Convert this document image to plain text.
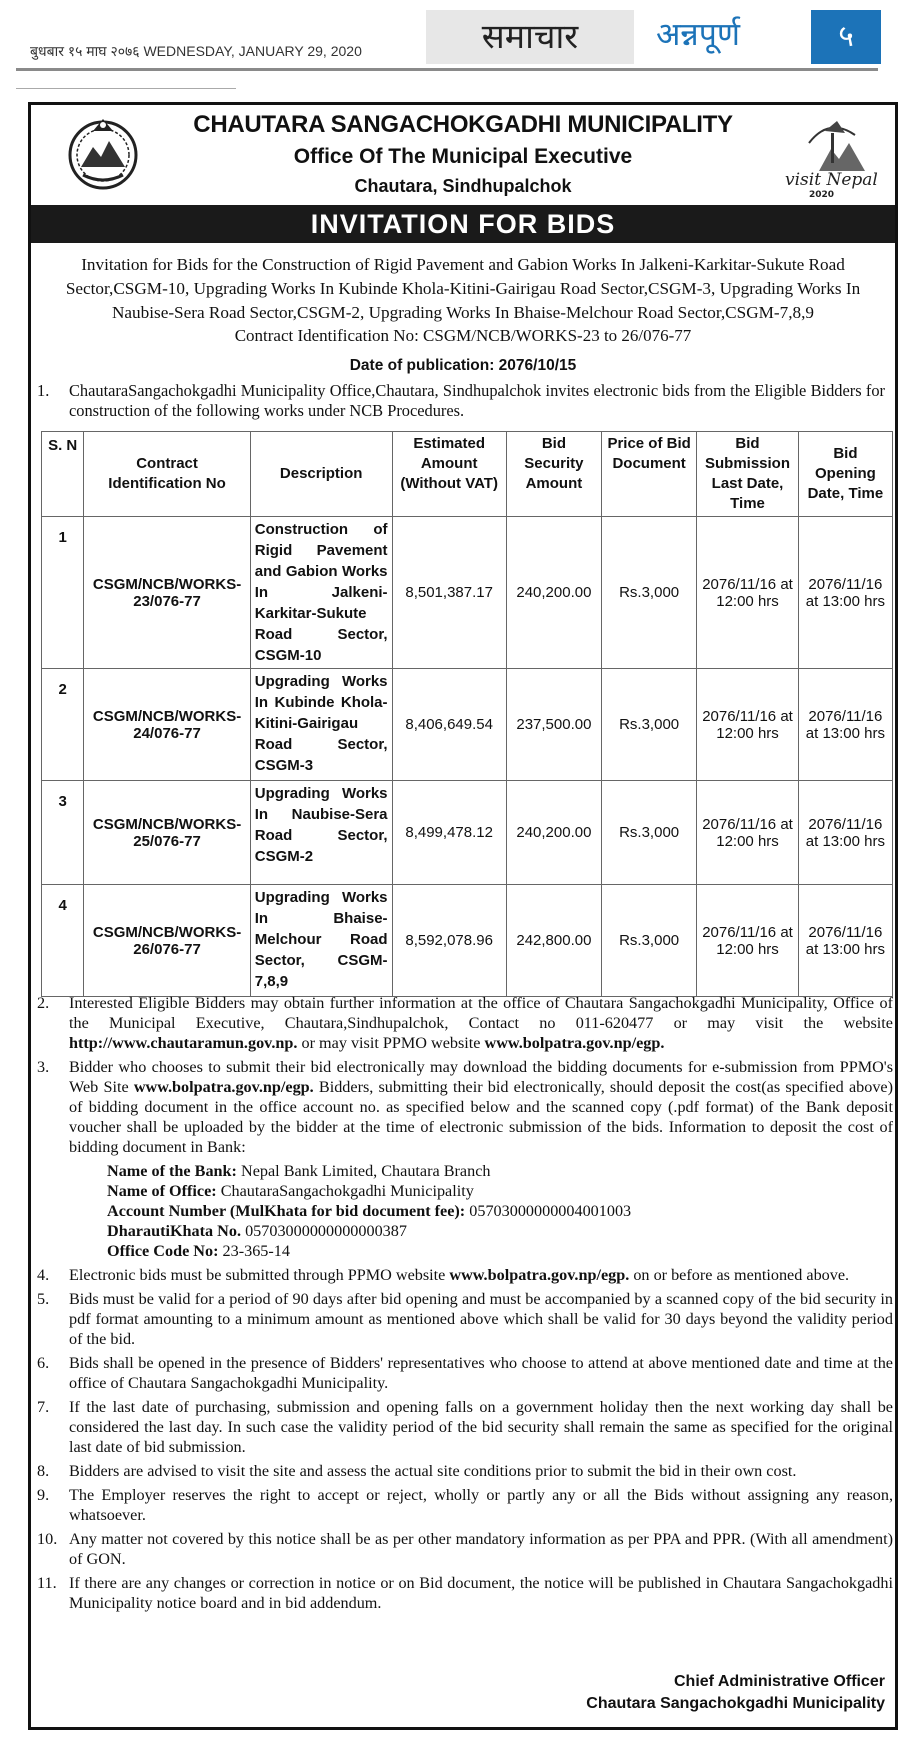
बुधबार १५ माघ २०७६ WEDNESDAY, JANUARY 29, 2020	समाचार	अन्नपूर्ण	५
CHAUTARA SANGACHOKGADHI MUNICIPALITY
Office Of The Municipal Executive
Chautara, Sindhupalchok	visit Nepal
2020
INVITATION FOR BIDS
Invitation for Bids for the Construction of Rigid Pavement and Gabion Works In Jalkeni-Karkitar-Sukute Road Sector,CSGM-10, Upgrading Works In Kubinde Khola-Kitini-Gairigau Road Sector,CSGM-3, Upgrading Works In Naubise-Sera Road Sector,CSGM-2, Upgrading Works In Bhaise-Melchour Road Sector,CSGM-7,8,9
Contract Identification No: CSGM/NCB/WORKS-23 to 26/076-77
Date of publication: 2076/10/15
1.	ChautaraSangachokgadhi Municipality Office,Chautara, Sindhupalchok invites electronic bids from the Eligible Bidders for construction of the following works under NCB Procedures.
S. N	Contract Identification No	Description	Estimated Amount (Without VAT)	Bid Security Amount	Price of Bid Document	Bid Submission Last Date, Time	Bid Opening Date, Time
1	CSGM/NCB/WORKS-23/076-77	Construction of Rigid Pavement and Gabion Works In Jalkeni-Karkitar-Sukute Road Sector, CSGM-10	8,501,387.17	240,200.00	Rs.3,000	2076/11/16 at 12:00 hrs	2076/11/16 at 13:00 hrs
2	CSGM/NCB/WORKS-24/076-77	Upgrading Works In Kubinde Khola-Kitini-Gairigau Road Sector, CSGM-3	8,406,649.54	237,500.00	Rs.3,000	2076/11/16 at 12:00 hrs	2076/11/16 at 13:00 hrs
3	CSGM/NCB/WORKS-25/076-77	Upgrading Works In Naubise-Sera Road Sector, CSGM-2	8,499,478.12	240,200.00	Rs.3,000	2076/11/16 at 12:00 hrs	2076/11/16 at 13:00 hrs
4	CSGM/NCB/WORKS-26/076-77	Upgrading Works In Bhaise-Melchour Road Sector, CSGM-7,8,9	8,592,078.96	242,800.00	Rs.3,000	2076/11/16 at 12:00 hrs	2076/11/16 at 13:00 hrs
2.	Interested Eligible Bidders may obtain further information at the office of Chautara Sangachokgadhi Municipality, Office of the Municipal Executive, Chautara,Sindhupalchok, Contact no 011-620477 or may visit the website http://www.chautaramun.gov.np. or may visit PPMO website www.bolpatra.gov.np/egp.
3.	Bidder who chooses to submit their bid electronically may download the bidding documents for e-submission from PPMO's Web Site www.bolpatra.gov.np/egp. Bidders, submitting their bid electronically, should deposit the cost(as specified above) of bidding document in the office account no. as specified below and the scanned copy (.pdf format) of the Bank deposit voucher shall be uploaded by the bidder at the time of electronic submission of the bids. Information to deposit the cost of bidding document in Bank:
Name of the Bank: Nepal Bank Limited, Chautara Branch
Name of Office: ChautaraSangachokgadhi Municipality
Account Number (MulKhata for bid document fee): 05703000000004001003
DharautiKhata No. 05703000000000000387
Office Code No: 23-365-14
4.	Electronic bids must be submitted through PPMO website www.bolpatra.gov.np/egp. on or before as mentioned above.
5.	Bids must be valid for a period of 90 days after bid opening and must be accompanied by a scanned copy of the bid security in pdf format amounting to a minimum amount as mentioned above which shall be valid for 30 days beyond the validity period of the bid.
6.	Bids shall be opened in the presence of Bidders' representatives who choose to attend at above mentioned date and time at the office of Chautara Sangachokgadhi Municipality.
7.	If the last date of purchasing, submission and opening falls on a government holiday then the next working day shall be considered the last day. In such case the validity period of the bid security shall remain the same as specified for the original last date of bid submission.
8.	Bidders are advised to visit the site and assess the actual site conditions prior to submit the bid in their own cost.
9.	The Employer reserves the right to accept or reject, wholly or partly any or all the Bids without assigning any reason, whatsoever.
10. Any matter not covered by this notice shall be as per other mandatory information as per PPA and PPR. (With all amendment) of GON.
11. If there are any changes or correction in notice or on Bid document, the notice will be published in Chautara Sangachokgadhi Municipality notice board and in bid addendum.
Chief Administrative Officer
Chautara Sangachokgadhi Municipality
